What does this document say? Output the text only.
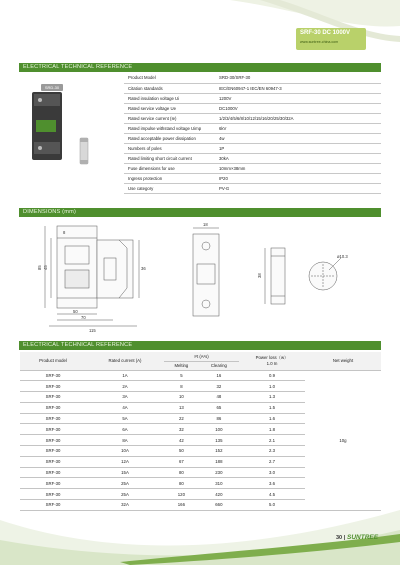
SRF-30 DC 1000V
www.suntree-china.com
ELECTRICAL TECHNICAL REFERENCE
SRD-30
Product Model	SRD-30/SRF-30
Citation standards	IEC/EN60947-1 IEC/EN 60947-3
Rated insulation voltage Ui	1200V
Rated service voltage Ue	DC1000V
Rated service current (Ie)	1/2/3/4/5/6/8/10/12/15/16/20/25/30/32A
Rated impulse withstand voltage Uimp	6kV
Rated acceptable power dissipation	4w
Numbers of poles	1P
Rated limiting short circuit current	30kA
Fuse dimensions for use	10mm×38mm
Ingress protection	IP20
Use category	PV-G
DIMENSIONS (mm)
8
85 45	36
50
70
115
18
38
ø10.3
ELECTRICAL TECHNICAL REFERENCE
Product model	Rated current (A)	I²t (A²s)		Power loss（w）
1.0 In	Net weight
		Melting	Clearing		
SRF-30	1A	5	16	0.9	10g
SRF-30	2A	8	32	1.0	
SRF-30	3A	10	48	1.3	
SRF-30	4A	13	65	1.5	
SRF-30	5A	22	86	1.6	
SRF-30	6A	32	100	1.8	
SRF-30	8A	42	135	2.1	
SRF-30	10A	50	152	2.3	
SRF-30	12A	67	188	2.7	
SRF-30	15A	80	230	3.0	
SRF-30	25A	80	310	3.6	
SRF-30	25A	120	420	4.5	
SRF-30	32A	166	660	5.0	
30 | SUNTREE
